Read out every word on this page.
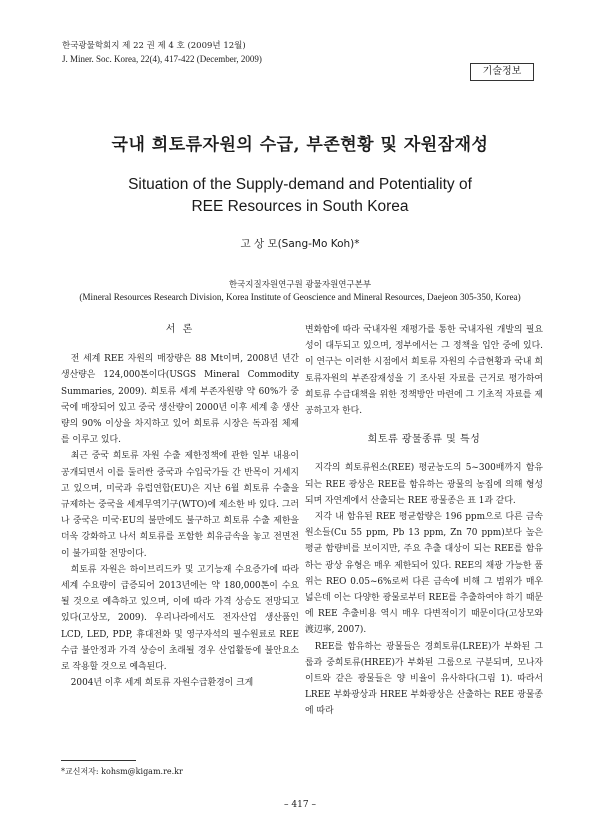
한국광물학회지 제 22 권 제 4 호 (2009년 12월)
J. Miner. Soc. Korea, 22(4), 417-422 (December, 2009)
기술정보
국내 희토류자원의 수급, 부존현황 및 자원잠재성
Situation of the Supply-demand and Potentiality of
REE Resources in South Korea
고 상 모(Sang-Mo Koh)*
한국지질자원연구원 광물자원연구본부
(Mineral Resources Research Division, Korea Institute of Geoscience and Mineral Resources, Daejeon 305-350, Korea)
서 론

전 세계 REE 자원의 매장량은 88 Mt이며, 2008년 년간 생산량은 124,000톤이다(USGS Mineral Commodity Summaries, 2009). 희토류 세계 부존자원량 약 60%가 중국에 매장되어 있고 중국 생산량이 2000년 이후 세계 총 생산량의 90% 이상을 차지하고 있어 희토류 시장은 독과점 체제를 이루고 있다.

최근 중국 희토류 자원 수출 제한정책에 관한 일부 내용이 공개되면서 이를 둘러싼 중국과 수입국가들 간 반목이 거세지고 있으며, 미국과 유럽연합(EU)은 지난 6월 희토류 수출을 규제하는 중국을 세계무역기구(WTO)에 제소한 바 있다. 그러나 중국은 미국·EU의 불만에도 불구하고 희토류 수출 제한을 더욱 강화하고 나서 희토류를 포함한 희유금속을 놓고 전면전이 불가피할 전망이다.

희토류 자원은 하이브리드카 및 고기능재 수요증가에 따라 세계 수요량이 급증되어 2013년에는 약 180,000톤이 수요될 것으로 예측하고 있으며, 이에 따라 가격 상승도 전망되고 있다(고상모, 2009). 우리나라에서도 전자산업 생산품인 LCD, LED, PDP, 휴대전화 및 영구자석의 필수원료로 REE 수급 불안정과 가격 상승이 초래될 경우 산업활동에 불안요소로 작용할 것으로 예측된다.

2004년 이후 세계 희토류 자원수급환경이 크게

변화함에 따라 국내자원 재평가를 통한 국내자원 개발의 필요성이 대두되고 있으며, 정부에서는 그 정책을 입안 중에 있다. 이 연구는 이러한 시점에서 희토류 자원의 수급현황과 국내 희토류자원의 부존잠재성을 기 조사된 자료를 근거로 평가하여 희토류 수급대책을 위한 정책방안 마련에 그 기초적 자료를 제공하고자 한다.

희토류 광물종류 및 특성

지각의 희토류원소(REE) 평균농도의 5~300배까지 함유되는 REE 광상은 REE를 함유하는 광물의 농집에 의해 형성되며 자연계에서 산출되는 REE 광물종은 표 1과 같다.

지각 내 함유된 REE 평균함량은 196 ppm으로 다른 금속원소들(Cu 55 ppm, Pb 13 ppm, Zn 70 ppm)보다 높은 평균 함량비를 보이지만, 주요 추출 대상이 되는 REE를 함유하는 광상 유형은 매우 제한되어 있다. REE의 채광 가능한 품위는 REO 0.05~6%로써 다른 금속에 비해 그 범위가 매우 넓은데 이는 다양한 광물로부터 REE를 추출하여야 하기 때문에 REE 추출비용 역시 매우 다변적이기 때문이다(고상모와 渡辺寧, 2007).

REE를 함유하는 광물들은 경희토류(LREE)가 부화된 그룹과 중희토류(HREE)가 부화된 그룹으로 구분되며, 모나자이트와 같은 광물들은 양 비율이 유사하다(그림 1). 따라서 LREE 부화광상과 HREE 부화광상은 산출하는 REE 광물종에 따라

*교신저자: kohsm@kigam.re.kr
– 417 –
